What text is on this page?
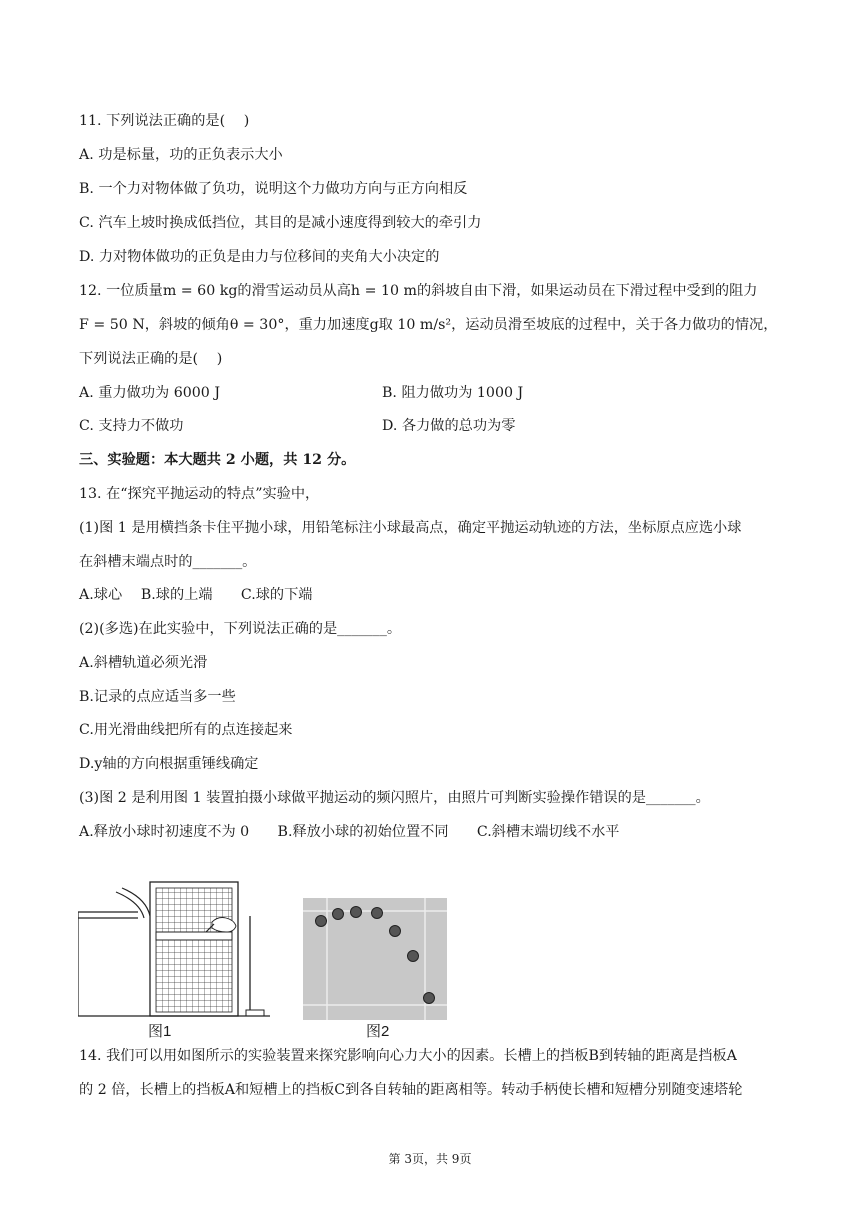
11. 下列说法正确的是(　 )
A. 功是标量，功的正负表示大小
B. 一个力对物体做了负功，说明这个力做功方向与正方向相反
C. 汽车上坡时换成低挡位，其目的是减小速度得到较大的牵引力
D. 力对物体做功的正负是由力与位移间的夹角大小决定的
12. 一位质量m = 60 kg的滑雪运动员从高h = 10 m的斜坡自由下滑，如果运动员在下滑过程中受到的阻力
F = 50 N，斜坡的倾角θ = 30°，重力加速度g取 10 m/s²，运动员滑至坡底的过程中，关于各力做功的情况，
下列说法正确的是(　 )
A. 重力做功为 6000 J	B. 阻力做功为 1000 J
C. 支持力不做功	D. 各力做的总功为零
三、实验题：本大题共 2 小题，共 12 分。
13. 在“探究平抛运动的特点”实验中，
(1)图 1 是用横挡条卡住平抛小球，用铅笔标注小球最高点，确定平抛运动轨迹的方法，坐标原点应选小球
在斜槽末端点时的_______。
A.球心　 B.球的上端　　C.球的下端
(2)(多选)在此实验中，下列说法正确的是_______。
A.斜槽轨道必须光滑
B.记录的点应适当多一些
C.用光滑曲线把所有的点连接起来
D.y轴的方向根据重锤线确定
(3)图 2 是利用图 1 装置拍摄小球做平抛运动的频闪照片，由照片可判断实验操作错误的是_______。
A.释放小球时初速度不为 0　　B.释放小球的初始位置不同　　C.斜槽末端切线不水平
图1	图2
14. 我们可以用如图所示的实验装置来探究影响向心力大小的因素。长槽上的挡板B到转轴的距离是挡板A
的 2 倍，长槽上的挡板A和短槽上的挡板C到各自转轴的距离相等。转动手柄使长槽和短槽分别随变速塔轮
第 3页，共 9页
